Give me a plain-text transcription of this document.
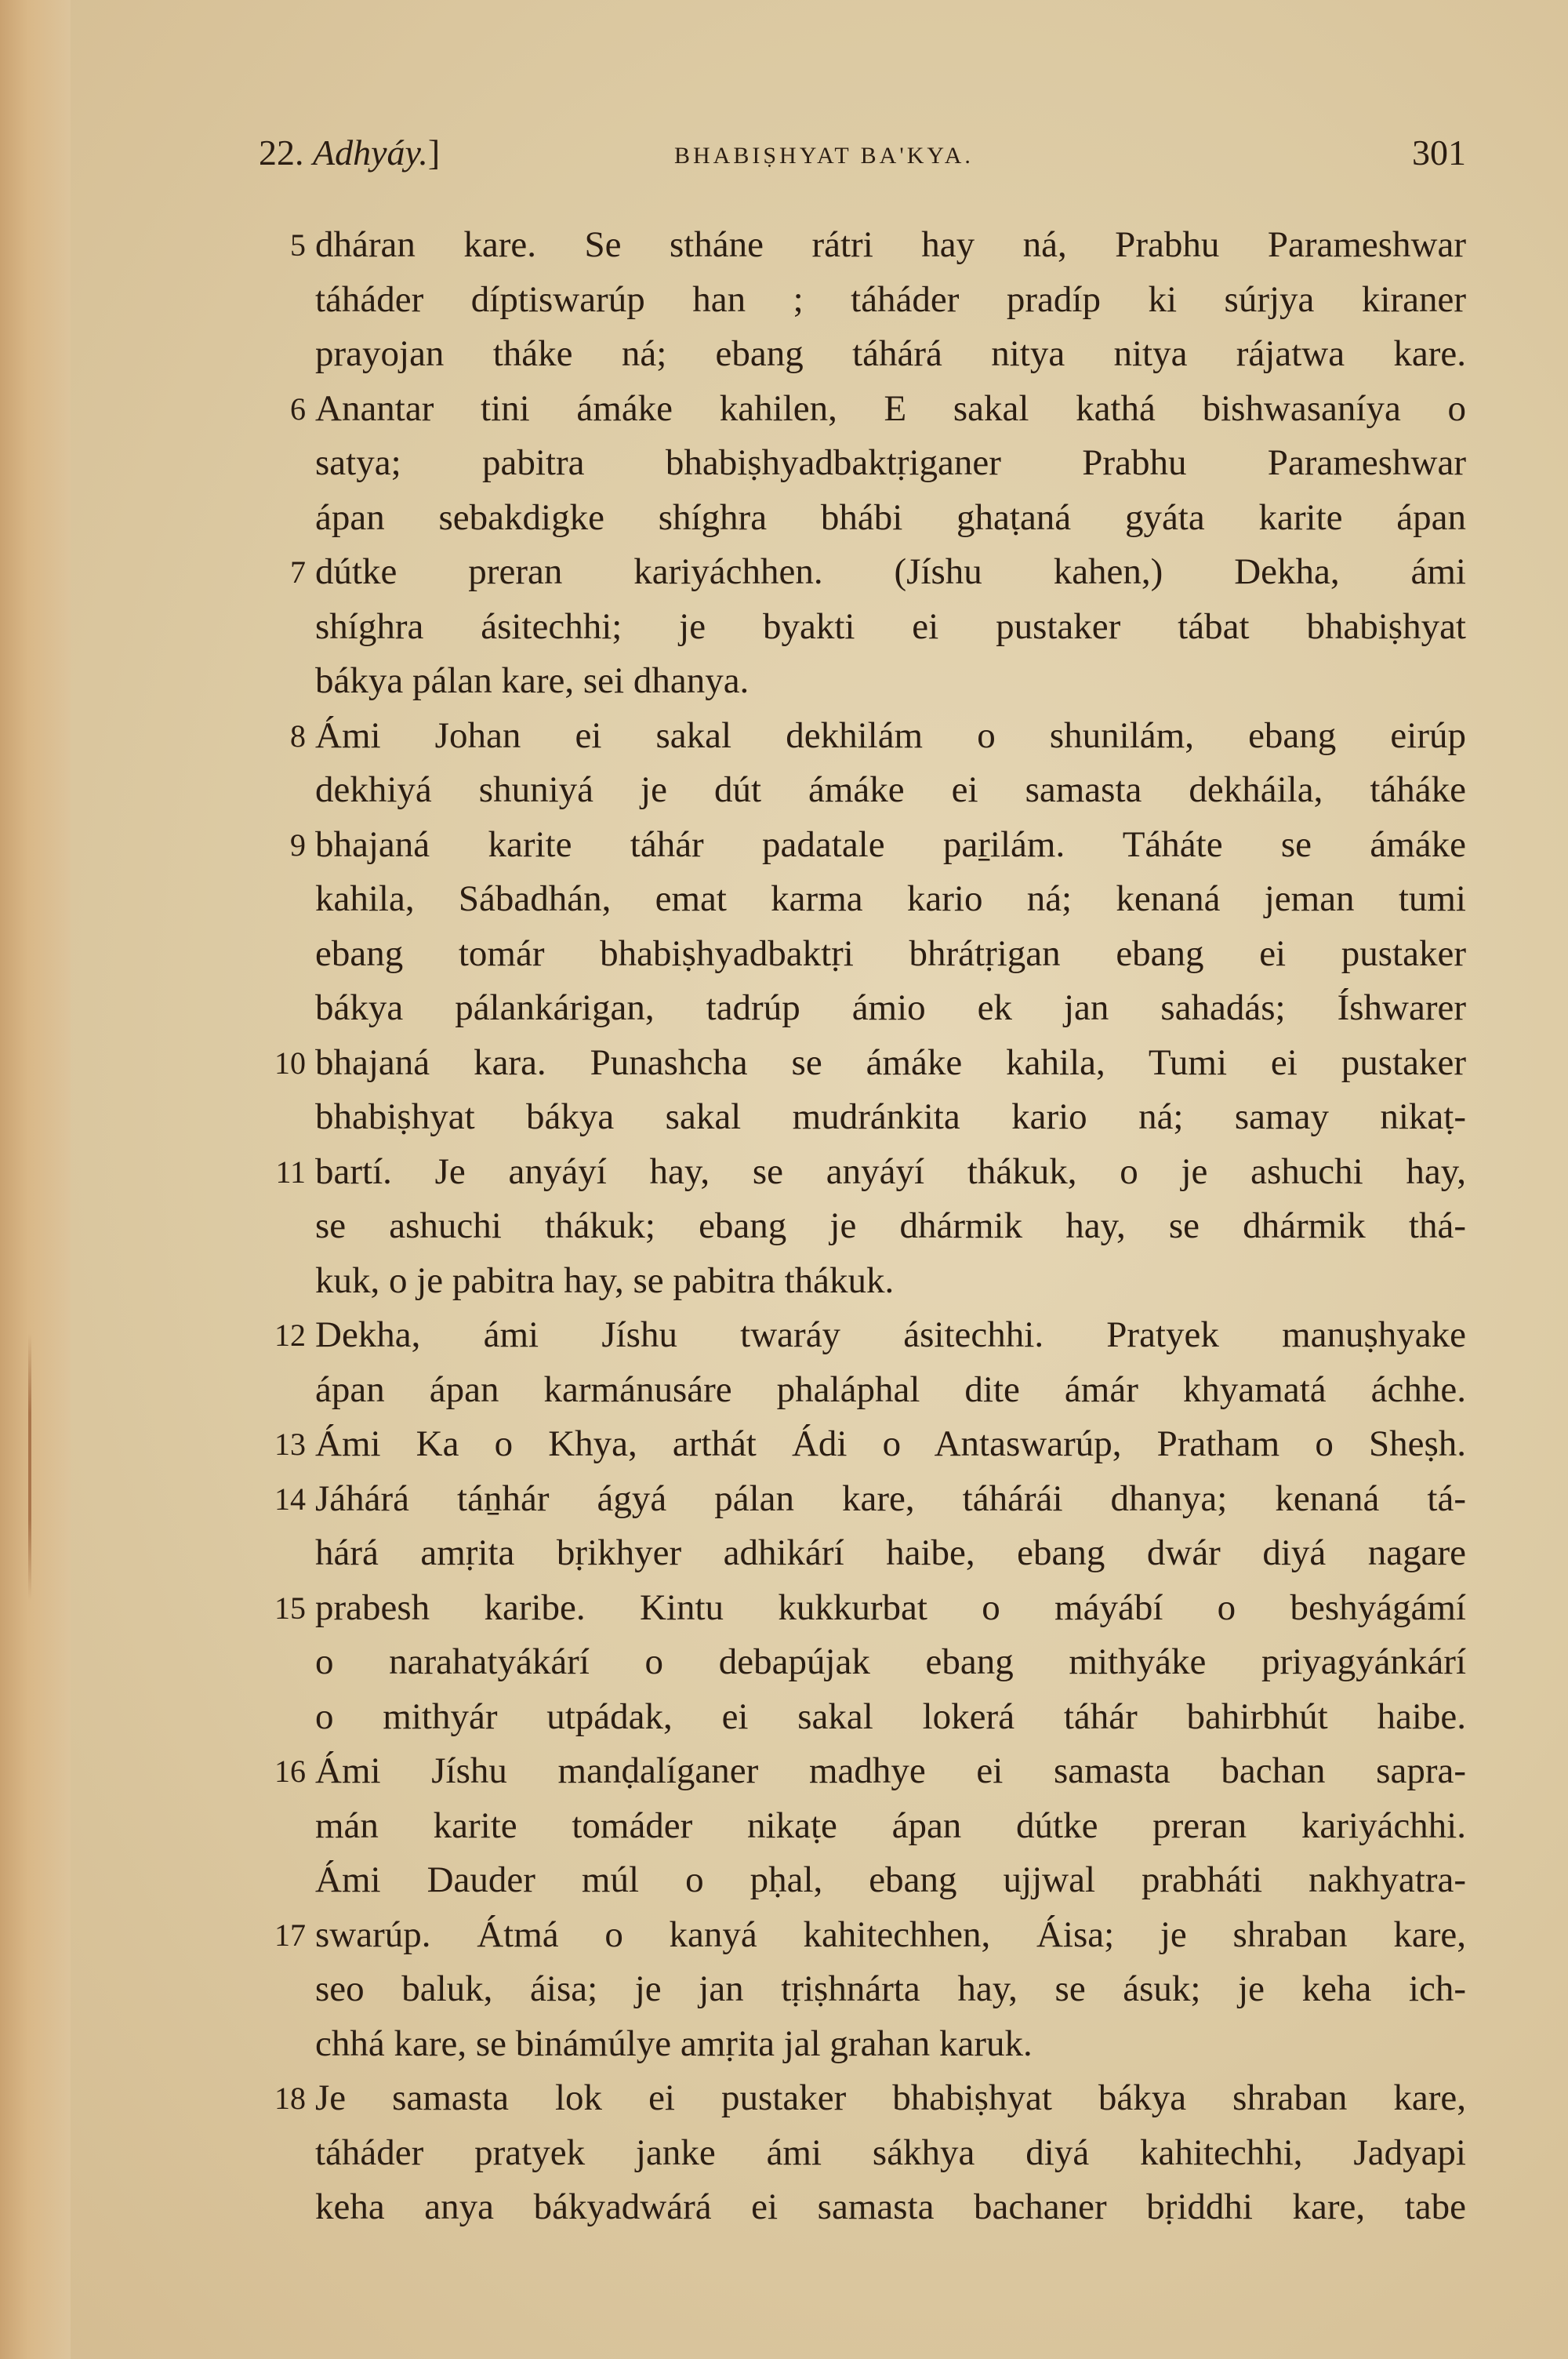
22. Adhyáy.]	BHABIṢHYAT BA'KYA.	301
5 dháran kare. Se stháne rátri hay ná, Prabhu Parameshwar
táháder díptiswarúp han ; táháder pradíp ki súrjya kiraner
prayojan tháke ná; ebang táhárá nitya nitya rájatwa kare.
6 Anantar tini ámáke kahilen, E sakal kathá bishwasaníya o
satya; pabitra bhabiṣhyadbaktṛiganer Prabhu Parameshwar
ápan sebakdigke shíghra bhábi ghaṭaná gyáta karite ápan
7 dútke preran kariyáchhen. (Jíshu kahen,) Dekha, ámi
shíghra ásitechhi; je byakti ei pustaker tábat bhabiṣhyat
bákya pálan kare, sei dhanya.
8 Ámi Johan ei sakal dekhilám o shunilám, ebang eirúp
dekhiyá shuniyá je dút ámáke ei samasta dekháila, táháke
9 bhajaná karite táhár padatale paṟilám. Táháte se ámáke
kahila, Sábadhán, emat karma kario ná; kenaná jeman tumi
ebang tomár bhabiṣhyadbaktṛi bhrátṛigan ebang ei pustaker
bákya pálankárigan, tadrúp ámio ek jan sahadás; Íshwarer
10 bhajaná kara. Punashcha se ámáke kahila, Tumi ei pustaker
bhabiṣhyat bákya sakal mudránkita kario ná; samay nikaṭ-
11 bartí. Je anyáyí hay, se anyáyí thákuk, o je ashuchi hay,
se ashuchi thákuk; ebang je dhármik hay, se dhármik thá-
kuk, o je pabitra hay, se pabitra thákuk.
12 Dekha, ámi Jíshu twaráy ásitechhi. Pratyek manuṣhyake
ápan ápan karmánusáre phaláphal dite ámár khyamatá áchhe.
13 Ámi Ka o Khya, arthát Ádi o Antaswarúp, Pratham o Sheṣh.
14 Jáhárá táṉhár ágyá pálan kare, táhárái dhanya; kenaná tá-
hárá amṛita bṛikhyer adhikárí haibe, ebang dwár diyá nagare
15 prabesh karibe. Kintu kukkurbat o máyábí o beshyágámí
o narahatyákárí o debapújak ebang mithyáke priyagyánkárí
o mithyár utpádak, ei sakal lokerá táhár bahirbhút haibe.
16 Ámi Jíshu manḍalíganer madhye ei samasta bachan sapra-
mán karite tomáder nikaṭe ápan dútke preran kariyáchhi.
Ámi Dauder múl o pḥal, ebang ujjwal prabháti nakhyatra-
17 swarúp. Átmá o kanyá kahitechhen, Áisa; je shraban kare,
seo baluk, áisa; je jan tṛiṣhnárta hay, se ásuk; je keha ich-
chhá kare, se binámúlye amṛita jal grahan karuk.
18 Je samasta lok ei pustaker bhabiṣhyat bákya shraban kare,
táháder pratyek janke ámi sákhya diyá kahitechhi, Jadyapi
keha anya bákyadwárá ei samasta bachaner bṛiddhi kare, tabe
